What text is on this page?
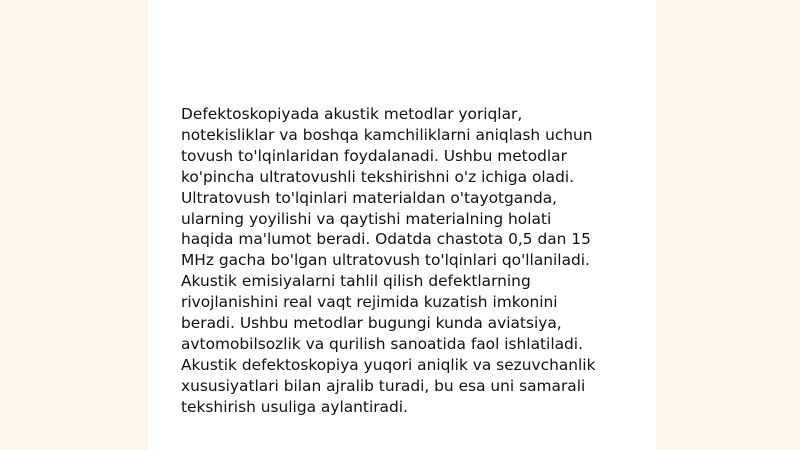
Defektoskopiyada akustik metodlar yoriqlar,
notekisliklar va boshqa kamchiliklarni aniqlash uchun
tovush to'lqinlaridan foydalanadi. Ushbu metodlar
ko'pincha ultratovushli tekshirishni o'z ichiga oladi.
Ultratovush to'lqinlari materialdan o'tayotganda,
ularning yoyilishi va qaytishi materialning holati
haqida ma'lumot beradi. Odatda chastota 0,5 dan 15
MHz gacha bo'lgan ultratovush to'lqinlari qo'llaniladi.
Akustik emisiyalarni tahlil qilish defektlarning
rivojlanishini real vaqt rejimida kuzatish imkonini
beradi. Ushbu metodlar bugungi kunda aviatsiya,
avtomobilsozlik va qurilish sanoatida faol ishlatiladi.
Akustik defektoskopiya yuqori aniqlik va sezuvchanlik
xususiyatlari bilan ajralib turadi, bu esa uni samarali
tekshirish usuliga aylantiradi.
